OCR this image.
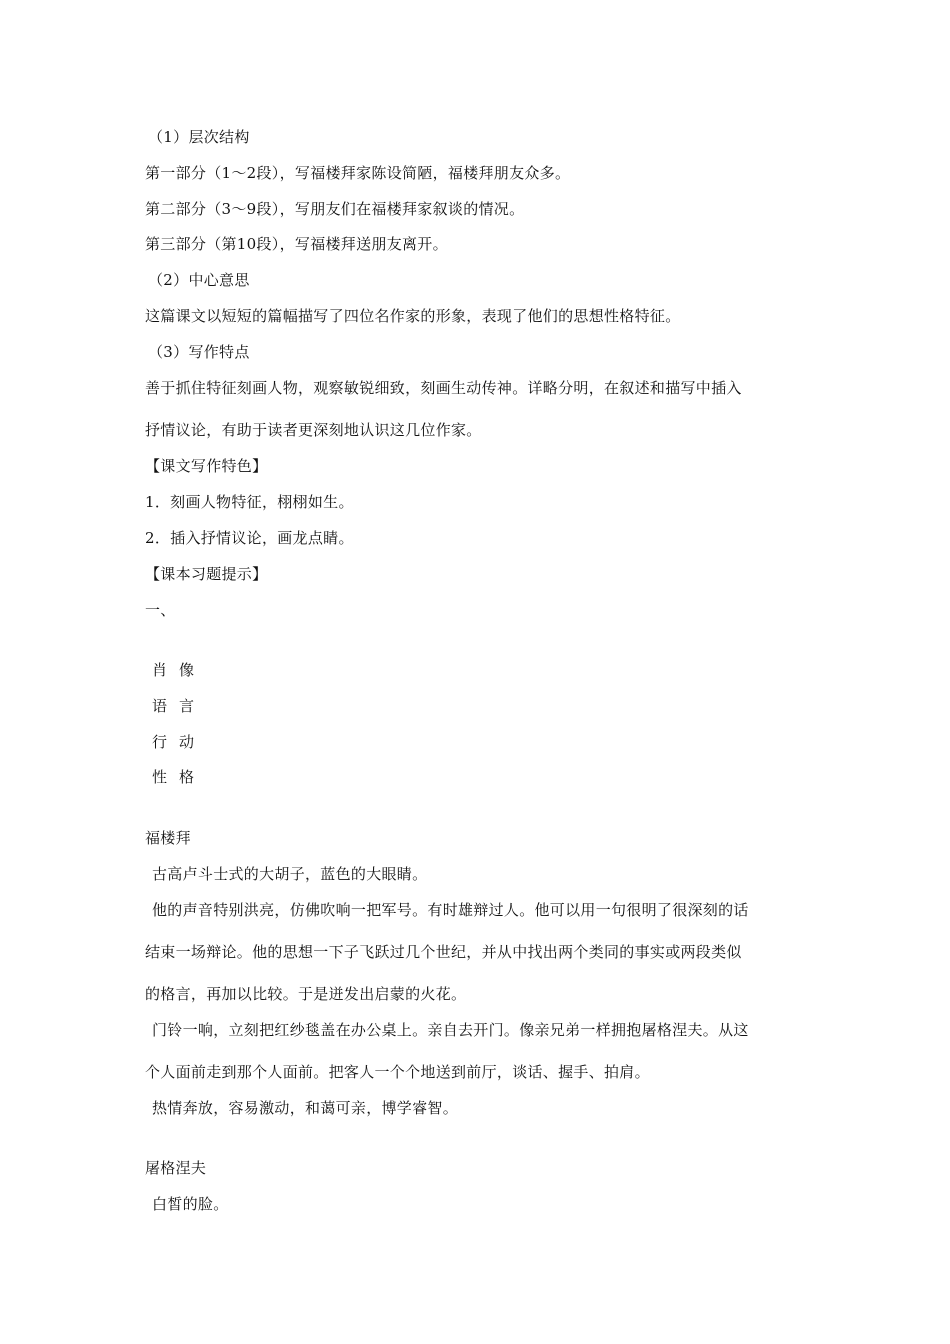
（1）层次结构
第一部分（1～2段），写福楼拜家陈设简陋，福楼拜朋友众多。
第二部分（3～9段），写朋友们在福楼拜家叙谈的情况。
第三部分（第10段），写福楼拜送朋友离开。
（2）中心意思
这篇课文以短短的篇幅描写了四位名作家的形象，表现了他们的思想性格特征。
（3）写作特点
善于抓住特征刻画人物，观察敏锐细致，刻画生动传神。详略分明，在叙述和描写中插入
抒情议论，有助于读者更深刻地认识这几位作家。
【课文写作特色】
1．刻画人物特征，栩栩如生。
2．插入抒情议论，画龙点睛。
【课本习题提示】
一、
肖像
语言
行动
性格
福楼拜
古高卢斗士式的大胡子，蓝色的大眼睛。
他的声音特别洪亮，仿佛吹响一把军号。有时雄辩过人。他可以用一句很明了很深刻的话
结束一场辩论。他的思想一下子飞跃过几个世纪，并从中找出两个类同的事实或两段类似
的格言，再加以比较。于是迸发出启蒙的火花。
门铃一响，立刻把红纱毯盖在办公桌上。亲自去开门。像亲兄弟一样拥抱屠格涅夫。从这
个人面前走到那个人面前。把客人一个个地送到前厅，谈话、握手、拍肩。
热情奔放，容易激动，和蔼可亲，博学睿智。
屠格涅夫
白皙的脸。
